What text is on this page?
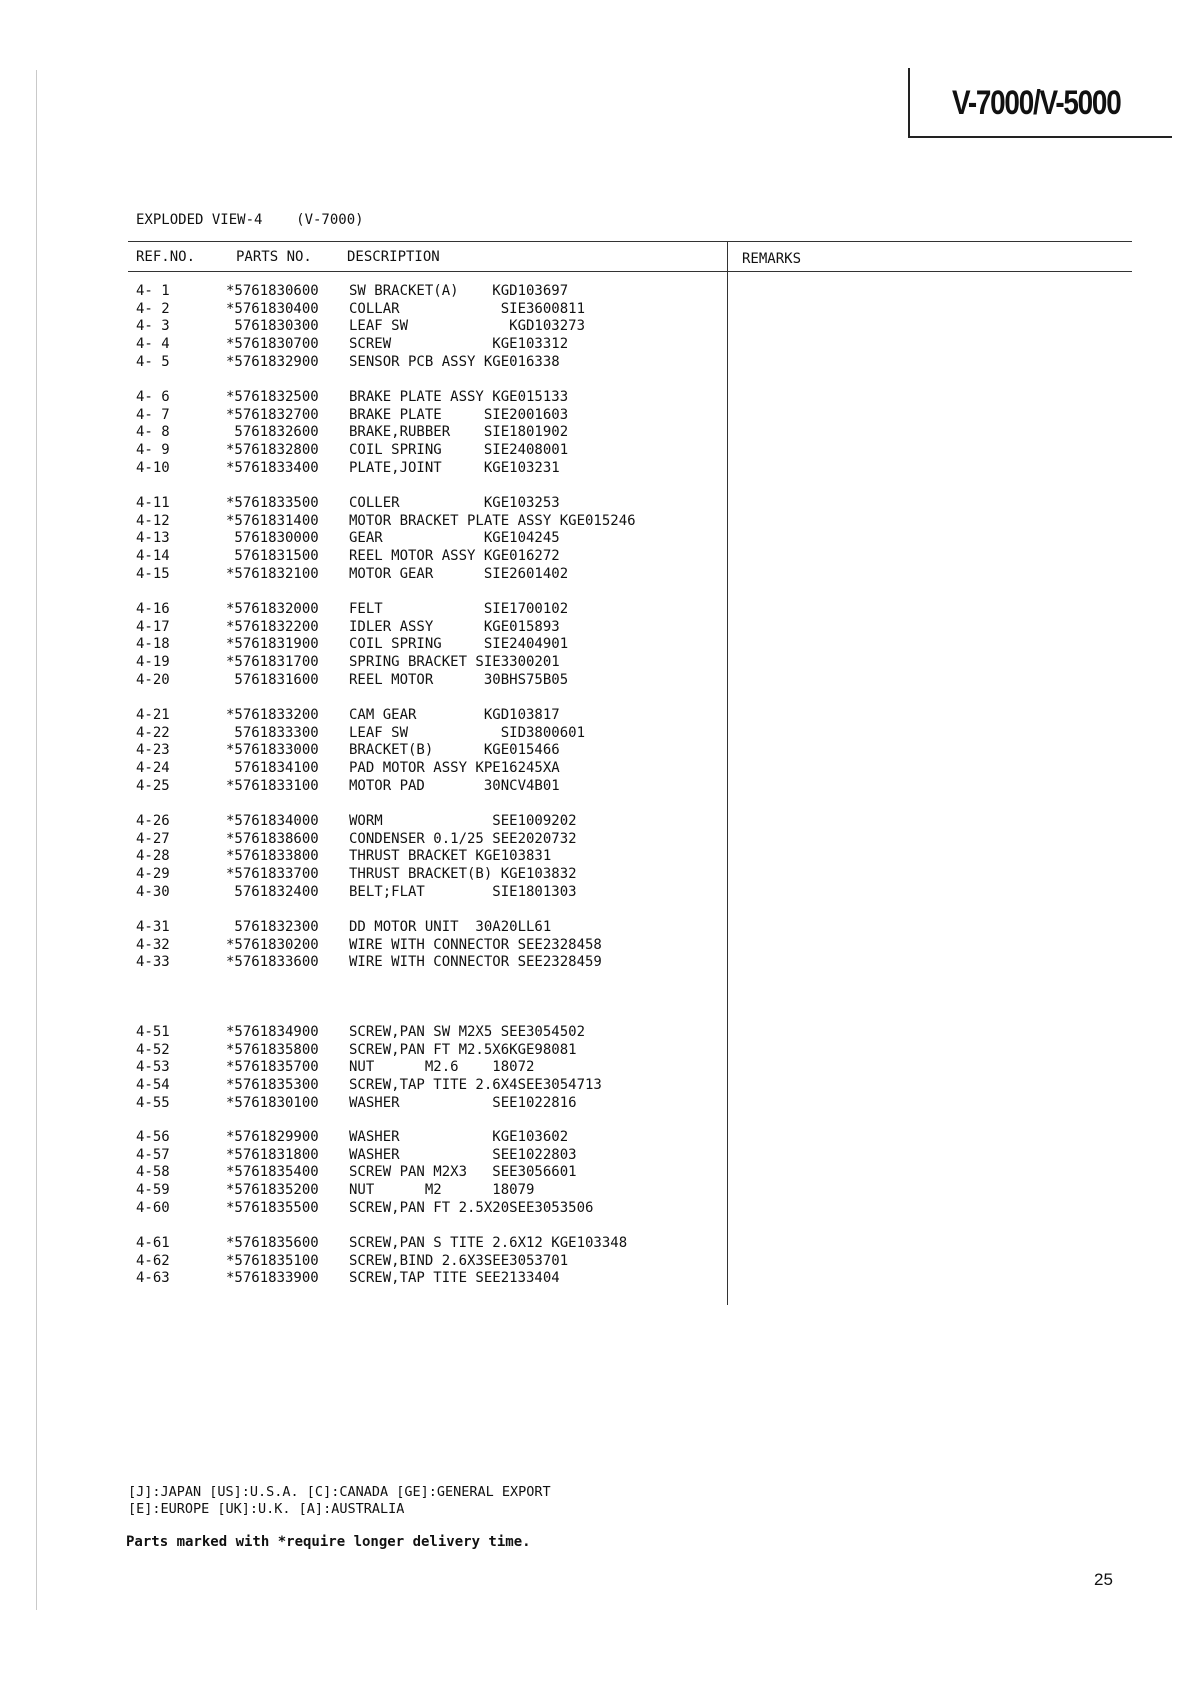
V-7000/V-5000
EXPLODED VIEW-4    (V-7000)
REF.NO.	PARTS NO.	DESCRIPTION	REMARKS
4- 1	*5761830600 SW BRACKET(A)    KGD103697
4- 2	*5761830400 COLLAR            SIE3600811
4- 3	5761830300 LEAF SW            KGD103273
4- 4	*5761830700 SCREW            KGE103312
4- 5	*5761832900 SENSOR PCB ASSY KGE016338
4- 6	*5761832500 BRAKE PLATE ASSY KGE015133
4- 7	*5761832700 BRAKE PLATE     SIE2001603
4- 8	5761832600 BRAKE,RUBBER    SIE1801902
4- 9	*5761832800 COIL SPRING     SIE2408001
4-10	*5761833400 PLATE,JOINT     KGE103231
4-11	*5761833500 COLLER          KGE103253
4-12	*5761831400 MOTOR BRACKET PLATE ASSY KGE015246
4-13	5761830000 GEAR            KGE104245
4-14	5761831500 REEL MOTOR ASSY KGE016272
4-15	*5761832100 MOTOR GEAR      SIE2601402
4-16	*5761832000 FELT            SIE1700102
4-17	*5761832200 IDLER ASSY      KGE015893
4-18	*5761831900 COIL SPRING     SIE2404901
4-19	*5761831700 SPRING BRACKET SIE3300201
4-20	5761831600 REEL MOTOR      30BHS75B05
4-21	*5761833200 CAM GEAR        KGD103817
4-22	5761833300 LEAF SW           SID3800601
4-23	*5761833000 BRACKET(B)      KGE015466
4-24	5761834100 PAD MOTOR ASSY KPE16245XA
4-25	*5761833100 MOTOR PAD       30NCV4B01
4-26	*5761834000 WORM             SEE1009202
4-27	*5761838600 CONDENSER 0.1/25 SEE2020732
4-28	*5761833800 THRUST BRACKET KGE103831
4-29	*5761833700 THRUST BRACKET(B) KGE103832
4-30	5761832400 BELT;FLAT        SIE1801303
4-31	5761832300 DD MOTOR UNIT  30A20LL61
4-32	*5761830200 WIRE WITH CONNECTOR SEE2328458
4-33	*5761833600 WIRE WITH CONNECTOR SEE2328459
4-51	*5761834900 SCREW,PAN SW M2X5 SEE3054502
4-52	*5761835800 SCREW,PAN FT M2.5X6KGE98081
4-53	*5761835700 NUT      M2.6    18072
4-54	*5761835300 SCREW,TAP TITE 2.6X4SEE3054713
4-55	*5761830100 WASHER           SEE1022816
4-56	*5761829900 WASHER           KGE103602
4-57	*5761831800 WASHER           SEE1022803
4-58	*5761835400 SCREW PAN M2X3   SEE3056601
4-59	*5761835200 NUT      M2      18079
4-60	*5761835500 SCREW,PAN FT 2.5X20SEE3053506
4-61	*5761835600 SCREW,PAN S TITE 2.6X12 KGE103348
4-62	*5761835100 SCREW,BIND 2.6X3SEE3053701
4-63	*5761833900 SCREW,TAP TITE SEE2133404
[J]:JAPAN [US]:U.S.A. [C]:CANADA [GE]:GENERAL EXPORT
[E]:EUROPE [UK]:U.K. [A]:AUSTRALIA
Parts marked with *require longer delivery time.
25
